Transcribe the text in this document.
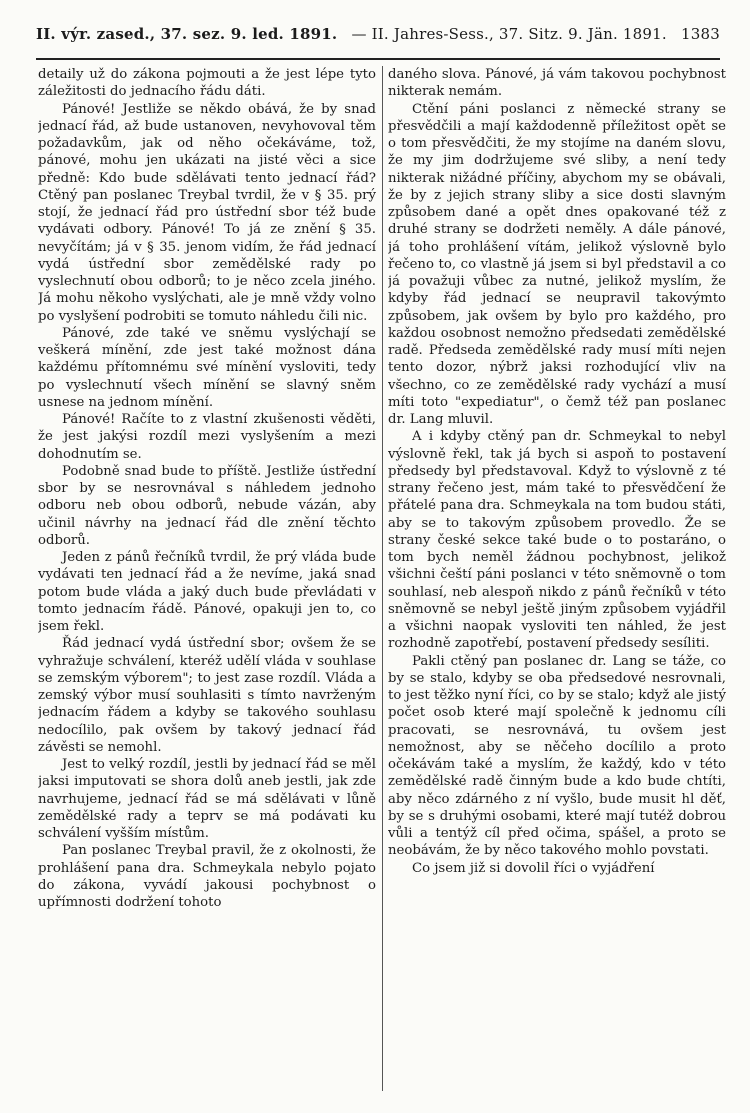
II. výr. zased., 37. sez. 9. led. 1891. — II. Jahres-Sess., 37. Sitz. 9. Jän. 1891. 1383

detaily už do zákona pojmouti a že jest lépe tyto záležitosti do jednacího řádu dáti.

Pánové! Jestliže se někdo obává, že by snad jednací řád, až bude ustanoven, nevyhovoval těm požadavkům, jak od něho očekáváme, tož, pánové, mohu jen ukázati na jisté věci a sice předně: Kdo bude sdělávati tento jednací řád? Ctěný pan poslanec Treybal tvrdil, že v § 35. prý stojí, že jednací řád pro ústřední sbor též bude vydávati odbory. Pánové! To já ze znění § 35. nevyčítám; já v § 35. jenom vidím, že řád jednací vydá ústřední sbor zemědělské rady po vyslechnutí obou odborů; to je něco zcela jiného. Já mohu někoho vyslýchati, ale je mně vždy volno po vyslyšení podrobiti se tomuto náhledu čili nic.

Pánové, zde také ve sněmu vyslýchají se veškerá mínění, zde jest také možnost dána každému přítomnému své mínění vysloviti, tedy po vyslechnutí všech mínění se slavný sněm usnese na jednom mínění.

Pánové! Račíte to z vlastní zkušenosti věděti, že jest jakýsi rozdíl mezi vyslyšením a mezi dohodnutím se.

Podobně snad bude to příště. Jestliže ústřední sbor by se nesrovnával s náhledem jednoho odboru neb obou odborů, nebude vázán, aby učinil návrhy na jednací řád dle znění těchto odborů.

Jeden z pánů řečníků tvrdil, že prý vláda bude vydávati ten jednací řád a že nevíme, jaká snad potom bude vláda a jaký duch bude převládati v tomto jednacím řádě. Pánové, opakuji jen to, co jsem řekl.

Řád jednací vydá ústřední sbor; ovšem že se vyhražuje schválení, kteréž udělí vláda v souhlase se zemským výborem"; to jest zase rozdíl. Vláda a zemský výbor musí souhlasiti s tímto navrženým jednacím řádem a kdyby se takového souhlasu nedocílilo, pak ovšem by takový jednací řád závěsti se nemohl.

Jest to velký rozdíl, jestli by jednací řád se měl jaksi imputovati se shora dolů aneb jestli, jak zde navrhujeme, jednací řád se má sdělávati v lůně zemědělské rady a teprv se má podávati ku schválení vyšším místům.

Pan poslanec Treybal pravil, že z okolnosti, že prohlášení pana dra. Schmeykala nebylo pojato do zákona, vyvádí jakousi pochybnost o upřímnosti dodržení tohoto

daného slova. Pánové, já vám takovou pochybnost nikterak nemám.

Ctění páni poslanci z německé strany se přesvědčili a mají každodenně příležitost opět se o tom přesvědčiti, že my stojíme na daném slovu, že my jim dodržujeme své sliby, a není tedy nikterak nižádné příčiny, abychom my se obávali, že by z jejich strany sliby a sice dosti slavným způsobem dané a opět dnes opakované též z druhé strany se dodržeti neměly. A dále pánové, já toho prohlášení vítám, jelikož výslovně bylo řečeno to, co vlastně já jsem si byl představil a co já považuji vůbec za nutné, jelikož myslím, že kdyby řád jednací se neupravil takovýmto způsobem, jak ovšem by bylo pro každého, pro každou osobnost nemožno předsedati zemědělské radě. Předseda zemědělské rady musí míti nejen tento dozor, nýbrž jaksi rozhodující vliv na všechno, co ze zemědělské rady vychází a musí míti toto "expediatur", o čemž též pan poslanec dr. Lang mluvil.

A i kdyby ctěný pan dr. Schmeykal to nebyl výslovně řekl, tak já bych si aspoň to postavení předsedy byl představoval. Když to výslovně z té strany řečeno jest, mám také to přesvědčení že přátelé pana dra. Schmeykala na tom budou státi, aby se to takovým způsobem provedlo. Že se strany české sekce také bude o to postaráno, o tom bych neměl žádnou pochybnost, jelikož všichni čeští páni poslanci v této sněmovně o tom souhlasí, neb alespoň nikdo z pánů řečníků v této sněmovně se nebyl ještě jiným způsobem vyjádřil a všichni naopak vysloviti ten náhled, že jest rozhodně zapotřebí, postavení předsedy sesíliti.

Pakli ctěný pan poslanec dr. Lang se táže, co by se stalo, kdyby se oba předsedové nesrovnali, to jest těžko nyní říci, co by se stalo; když ale jistý počet osob které mají společně k jednomu cíli pracovati, se nesrovnává, tu ovšem jest nemožnost, aby se něčeho docílilo a proto očekávám také a myslím, že každý, kdo v této zemědělské radě činným bude a kdo bude chtíti, aby něco zdárného z ní vyšlo, bude musit hl děť, by se s druhými osobami, které mají tutéž dobrou vůli a tentýž cíl před očima, spášel, a proto se neobávám, že by něco takového mohlo povstati.

Co jsem již si dovolil říci o vyjádření
